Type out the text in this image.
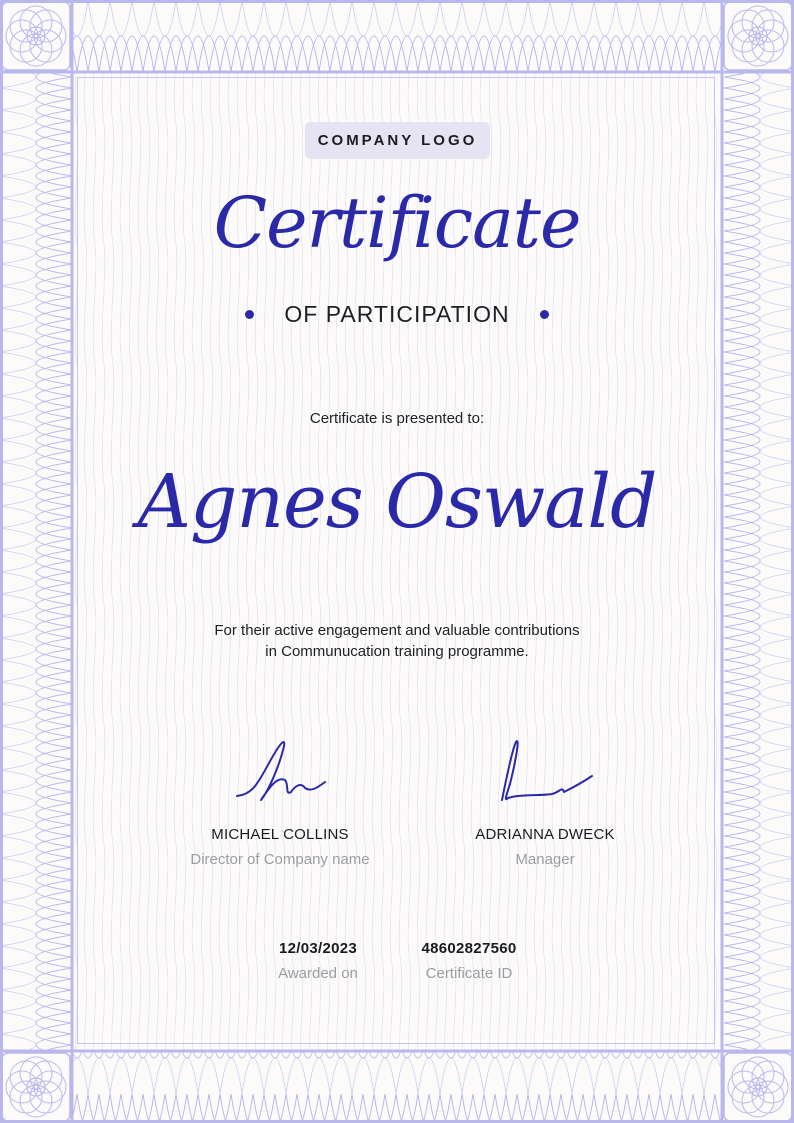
COMPANY LOGO
Certificate
OF PARTICIPATION
Certificate is presented to:
Agnes Oswald
For their active engagement and valuable contributions
in Communucation training programme.
MICHAEL COLLINS
Director of Company name
ADRIANNA DWECK
Manager
12/03/2023
Awarded on
48602827560
Certificate ID
